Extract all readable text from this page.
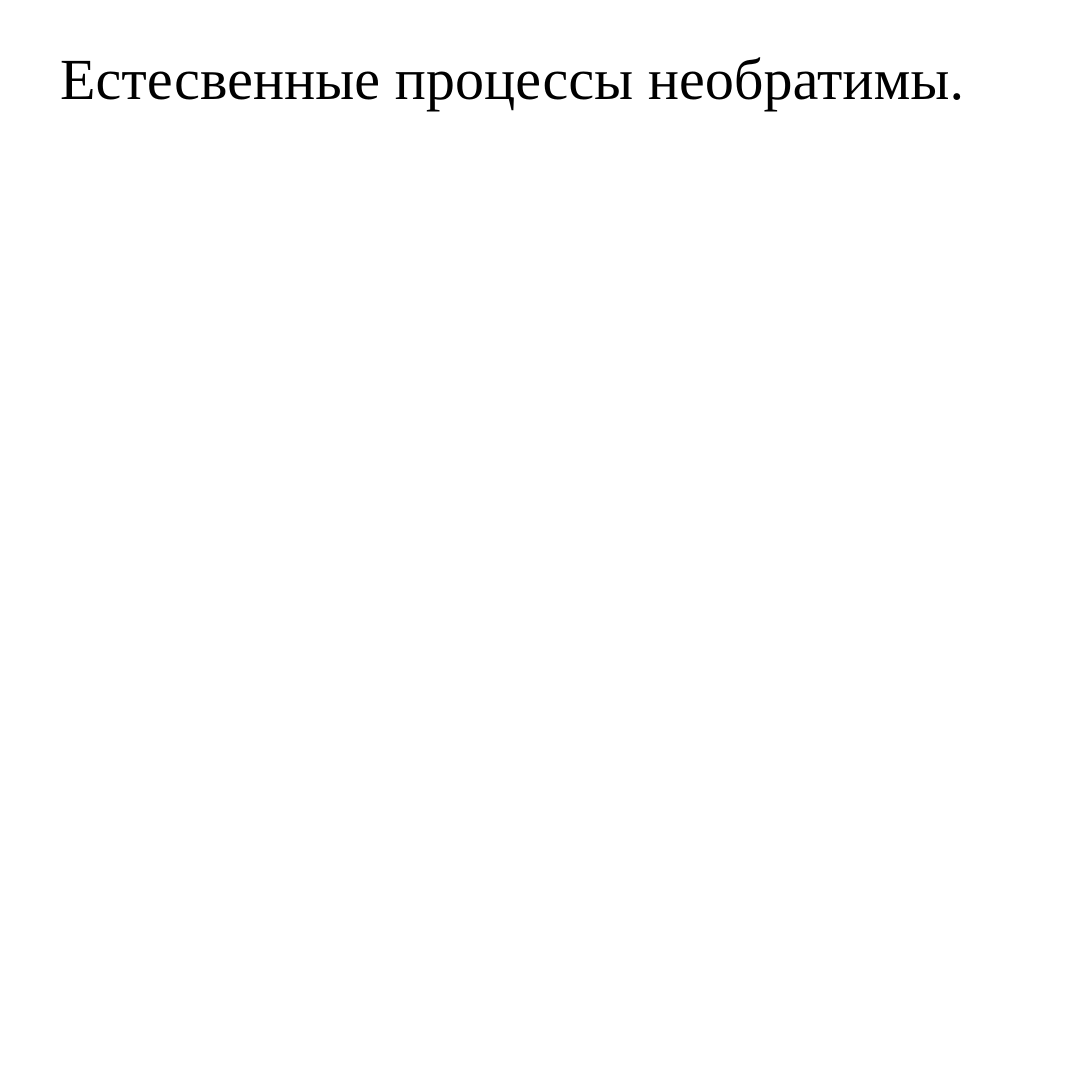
Естесвенные процессы необратимы.
